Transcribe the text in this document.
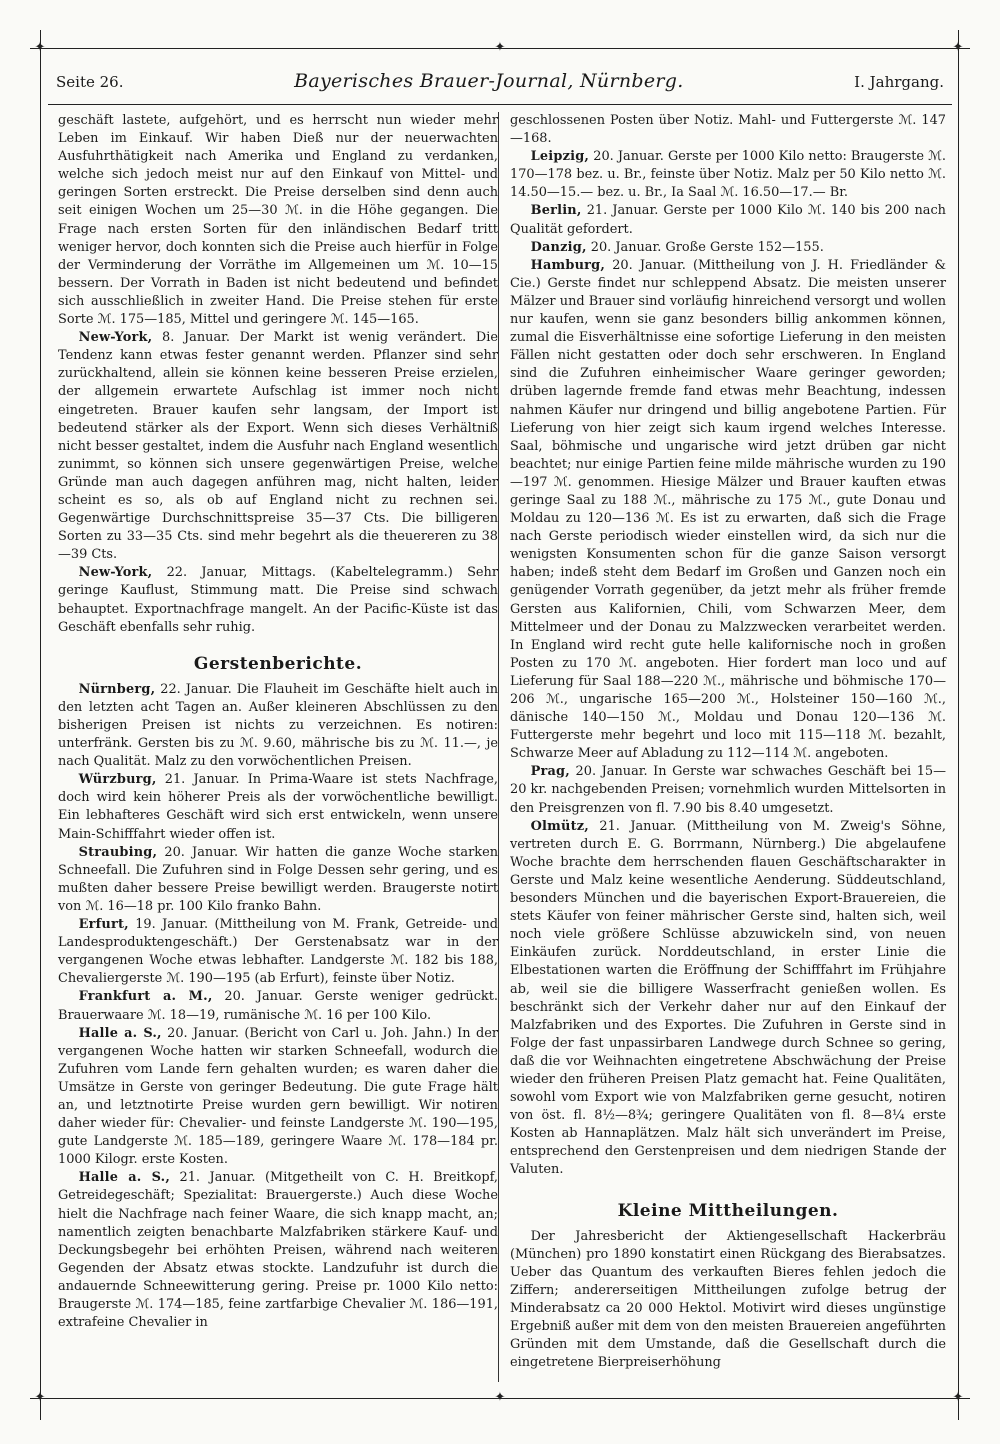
✦	✦
✦	✦
✦
✦
Seite 26.	Bayerisches Brauer-Journal, Nürnberg.	I. Jahrgang.

geschäft lastete, aufgehört, und es herrscht nun wieder mehr Leben im Einkauf. Wir haben Dieß nur der neuerwachten Ausfuhrthätigkeit nach Amerika und England zu verdanken, welche sich jedoch meist nur auf den Einkauf von Mittel- und geringen Sorten erstreckt. Die Preise derselben sind denn auch seit einigen Wochen um 25—30 ℳ. in die Höhe gegangen. Die Frage nach ersten Sorten für den inländischen Bedarf tritt weniger hervor, doch konnten sich die Preise auch hierfür in Folge der Verminderung der Vorräthe im Allgemeinen um ℳ. 10—15 bessern. Der Vorrath in Baden ist nicht bedeutend und befindet sich ausschließlich in zweiter Hand. Die Preise stehen für erste Sorte ℳ. 175—185, Mittel und geringere ℳ. 145—165.

New-York, 8. Januar. Der Markt ist wenig verändert. Die Tendenz kann etwas fester genannt werden. Pflanzer sind sehr zurückhaltend, allein sie können keine besseren Preise erzielen, der allgemein erwartete Aufschlag ist immer noch nicht eingetreten. Brauer kaufen sehr langsam, der Import ist bedeutend stärker als der Export. Wenn sich dieses Verhältniß nicht besser gestaltet, indem die Ausfuhr nach England wesentlich zunimmt, so können sich unsere gegenwärtigen Preise, welche Gründe man auch dagegen anführen mag, nicht halten, leider scheint es so, als ob auf England nicht zu rechnen sei. Gegenwärtige Durchschnittspreise 35—37 Cts. Die billigeren Sorten zu 33—35 Cts. sind mehr begehrt als die theuereren zu 38—39 Cts.

New-York, 22. Januar, Mittags. (Kabeltelegramm.) Sehr geringe Kauflust, Stimmung matt. Die Preise sind schwach behauptet. Exportnachfrage mangelt. An der Pacific-Küste ist das Geschäft ebenfalls sehr ruhig.

Gerstenberichte.

Nürnberg, 22. Januar. Die Flauheit im Geschäfte hielt auch in den letzten acht Tagen an. Außer kleineren Abschlüssen zu den bisherigen Preisen ist nichts zu verzeichnen. Es notiren: unterfränk. Gersten bis zu ℳ. 9.60, mährische bis zu ℳ. 11.—, je nach Qualität. Malz zu den vorwöchentlichen Preisen.

Würzburg, 21. Januar. In Prima-Waare ist stets Nachfrage, doch wird kein höherer Preis als der vorwöchentliche bewilligt. Ein lebhafteres Geschäft wird sich erst entwickeln, wenn unsere Main-Schifffahrt wieder offen ist.

Straubing, 20. Januar. Wir hatten die ganze Woche starken Schneefall. Die Zufuhren sind in Folge Dessen sehr gering, und es mußten daher bessere Preise bewilligt werden. Braugerste notirt von ℳ. 16—18 pr. 100 Kilo franko Bahn.

Erfurt, 19. Januar. (Mittheilung von M. Frank, Getreide- und Landesproduktengeschäft.) Der Gerstenabsatz war in der vergangenen Woche etwas lebhafter. Landgerste ℳ. 182 bis 188, Chevaliergerste ℳ. 190—195 (ab Erfurt), feinste über Notiz.

Frankfurt a. M., 20. Januar. Gerste weniger gedrückt. Brauerwaare ℳ. 18—19, rumänische ℳ. 16 per 100 Kilo.

Halle a. S., 20. Januar. (Bericht von Carl u. Joh. Jahn.) In der vergangenen Woche hatten wir starken Schneefall, wodurch die Zufuhren vom Lande fern gehalten wurden; es waren daher die Umsätze in Gerste von geringer Bedeutung. Die gute Frage hält an, und letztnotirte Preise wurden gern bewilligt. Wir notiren daher wieder für: Chevalier- und feinste Landgerste ℳ. 190—195, gute Landgerste ℳ. 185—189, geringere Waare ℳ. 178—184 pr. 1000 Kilogr. erste Kosten.

Halle a. S., 21. Januar. (Mitgetheilt von C. H. Breitkopf, Getreidegeschäft; Spezialitat: Brauergerste.) Auch diese Woche hielt die Nachfrage nach feiner Waare, die sich knapp macht, an; namentlich zeigten benachbarte Malzfabriken stärkere Kauf- und Deckungsbegehr bei erhöhten Preisen, während nach weiteren Gegenden der Absatz etwas stockte. Landzufuhr ist durch die andauernde Schneewitterung gering. Preise pr. 1000 Kilo netto: Braugerste ℳ. 174—185, feine zartfarbige Chevalier ℳ. 186—191, extrafeine Chevalier in

geschlossenen Posten über Notiz. Mahl- und Futtergerste ℳ. 147—168.

Leipzig, 20. Januar. Gerste per 1000 Kilo netto: Braugerste ℳ. 170—178 bez. u. Br., feinste über Notiz. Malz per 50 Kilo netto ℳ. 14.50—15.— bez. u. Br., Ia Saal ℳ. 16.50—17.— Br.

Berlin, 21. Januar. Gerste per 1000 Kilo ℳ. 140 bis 200 nach Qualität gefordert.

Danzig, 20. Januar. Große Gerste 152—155.

Hamburg, 20. Januar. (Mittheilung von J. H. Friedländer & Cie.) Gerste findet nur schleppend Absatz. Die meisten unserer Mälzer und Brauer sind vorläufig hinreichend versorgt und wollen nur kaufen, wenn sie ganz besonders billig ankommen können, zumal die Eisverhältnisse eine sofortige Lieferung in den meisten Fällen nicht gestatten oder doch sehr erschweren. In England sind die Zufuhren einheimischer Waare geringer geworden; drüben lagernde fremde fand etwas mehr Beachtung, indessen nahmen Käufer nur dringend und billig angebotene Partien. Für Lieferung von hier zeigt sich kaum irgend welches Interesse. Saal, böhmische und ungarische wird jetzt drüben gar nicht beachtet; nur einige Partien feine milde mährische wurden zu 190—197 ℳ. genommen. Hiesige Mälzer und Brauer kauften etwas geringe Saal zu 188 ℳ., mährische zu 175 ℳ., gute Donau und Moldau zu 120—136 ℳ. Es ist zu erwarten, daß sich die Frage nach Gerste periodisch wieder einstellen wird, da sich nur die wenigsten Konsumenten schon für die ganze Saison versorgt haben; indeß steht dem Bedarf im Großen und Ganzen noch ein genügender Vorrath gegenüber, da jetzt mehr als früher fremde Gersten aus Kalifornien, Chili, vom Schwarzen Meer, dem Mittelmeer und der Donau zu Malzzwecken verarbeitet werden. In England wird recht gute helle kalifornische noch in großen Posten zu 170 ℳ. angeboten. Hier fordert man loco und auf Lieferung für Saal 188—220 ℳ., mährische und böhmische 170—206 ℳ., ungarische 165—200 ℳ., Holsteiner 150—160 ℳ., dänische 140—150 ℳ., Moldau und Donau 120—136 ℳ. Futtergerste mehr begehrt und loco mit 115—118 ℳ. bezahlt, Schwarze Meer auf Abladung zu 112—114 ℳ. angeboten.

Prag, 20. Januar. In Gerste war schwaches Geschäft bei 15—20 kr. nachgebenden Preisen; vornehmlich wurden Mittelsorten in den Preisgrenzen von fl. 7.90 bis 8.40 umgesetzt.

Olmütz, 21. Januar. (Mittheilung von M. Zweig's Söhne, vertreten durch E. G. Borrmann, Nürnberg.) Die abgelaufene Woche brachte dem herrschenden flauen Geschäftscharakter in Gerste und Malz keine wesentliche Aenderung. Süddeutschland, besonders München und die bayerischen Export-Brauereien, die stets Käufer von feiner mährischer Gerste sind, halten sich, weil noch viele größere Schlüsse abzuwickeln sind, von neuen Einkäufen zurück. Norddeutschland, in erster Linie die Elbestationen warten die Eröffnung der Schifffahrt im Frühjahre ab, weil sie die billigere Wasserfracht genießen wollen. Es beschränkt sich der Verkehr daher nur auf den Einkauf der Malzfabriken und des Exportes. Die Zufuhren in Gerste sind in Folge der fast unpassirbaren Landwege durch Schnee so gering, daß die vor Weihnachten eingetretene Abschwächung der Preise wieder den früheren Preisen Platz gemacht hat. Feine Qualitäten, sowohl vom Export wie von Malzfabriken gerne gesucht, notiren von öst. fl. 8½—8¾; geringere Qualitäten von fl. 8—8¼ erste Kosten ab Hannaplätzen. Malz hält sich unverändert im Preise, entsprechend den Gerstenpreisen und dem niedrigen Stande der Valuten.

Kleine Mittheilungen.

Der Jahresbericht der Aktiengesellschaft Hackerbräu (München) pro 1890 konstatirt einen Rückgang des Bierabsatzes. Ueber das Quantum des verkauften Bieres fehlen jedoch die Ziffern; andererseitigen Mittheilungen zufolge betrug der Minderabsatz ca 20 000 Hektol. Motivirt wird dieses ungünstige Ergebniß außer mit dem von den meisten Brauereien angeführten Gründen mit dem Umstande, daß die Gesellschaft durch die eingetretene Bierpreiserhöhung
